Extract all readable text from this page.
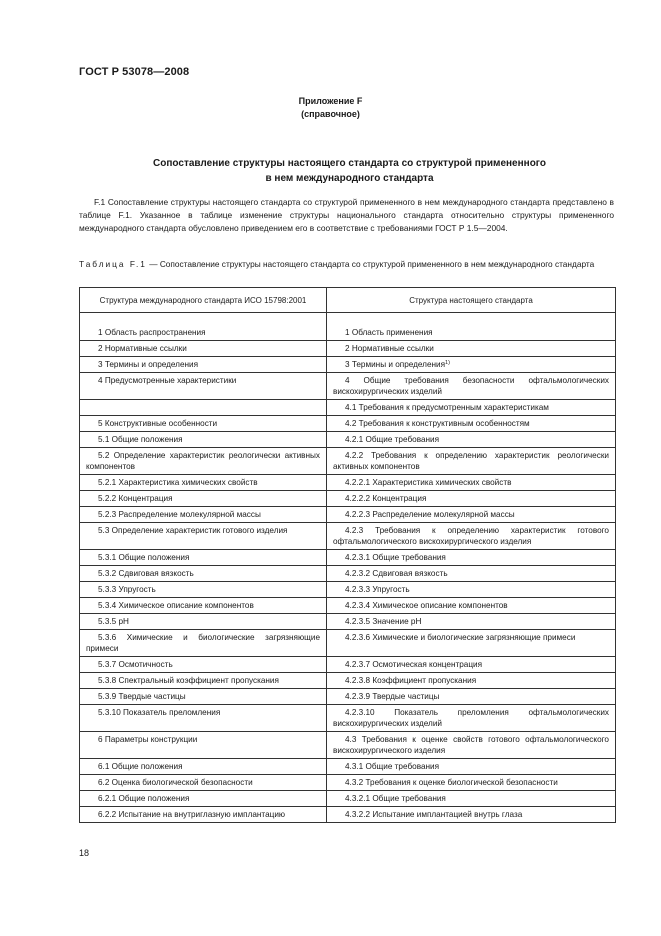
ГОСТ Р 53078—2008
Приложение F
(справочное)
Сопоставление структуры настоящего стандарта со структурой примененного
в нем международного стандарта
F.1 Сопоставление структуры настоящего стандарта со структурой примененного в нем международного стандарта представлено в таблице F.1. Указанное в таблице изменение структуры национального стандарта относительно структуры примененного международного стандарта обусловлено приведением его в соответствие с требованиями ГОСТ Р 1.5—2004.
Таблица F.1 — Сопоставление структуры настоящего стандарта со структурой примененного в нем международного стандарта
Структура международного стандарта ИСО 15798:2001	Структура настоящего стандарта
1 Область распространения	1 Область применения
2 Нормативные ссылки	2 Нормативные ссылки
3 Термины и определения	3 Термины и определения$^{1)}$
4 Предусмотренные характеристики	4 Общие требования безопасности офтальмологических вискохирургических изделий
	4.1 Требования к предусмотренным характеристикам
5 Конструктивные особенности	4.2 Требования к конструктивным особенностям
5.1 Общие положения	4.2.1 Общие требования
5.2 Определение характеристик реологически активных компонентов	4.2.2 Требования к определению характеристик реологически активных компонентов
5.2.1 Характеристика химических свойств	4.2.2.1 Характеристика химических свойств
5.2.2 Концентрация	4.2.2.2 Концентрация
5.2.3 Распределение молекулярной массы	4.2.2.3 Распределение молекулярной массы
5.3 Определение характеристик готового изделия	4.2.3 Требования к определению характеристик готового офтальмологического вискохирургического изделия
5.3.1 Общие положения	4.2.3.1 Общие требования
5.3.2 Сдвиговая вязкость	4.2.3.2 Сдвиговая вязкость
5.3.3 Упругость	4.2.3.3 Упругость
5.3.4 Химическое описание компонентов	4.2.3.4 Химическое описание компонентов
5.3.5 pH	4.2.3.5 Значение pH
5.3.6 Химические и биологические загрязняющие примеси	4.2.3.6 Химические и биологические загрязняющие примеси
5.3.7 Осмотичность	4.2.3.7 Осмотическая концентрация
5.3.8 Спектральный коэффициент пропускания	4.2.3.8 Коэффициент пропускания
5.3.9 Твердые частицы	4.2.3.9 Твердые частицы
5.3.10 Показатель преломления	4.2.3.10 Показатель преломления офтальмологических вискохирургических изделий
6 Параметры конструкции	4.3 Требования к оценке свойств готового офтальмологического вискохирургического изделия
6.1 Общие положения	4.3.1 Общие требования
6.2 Оценка биологической безопасности	4.3.2 Требования к оценке биологической безопасности
6.2.1 Общие положения	4.3.2.1 Общие требования
6.2.2 Испытание на внутриглазную имплантацию	4.3.2.2 Испытание имплантацией внутрь глаза
18
